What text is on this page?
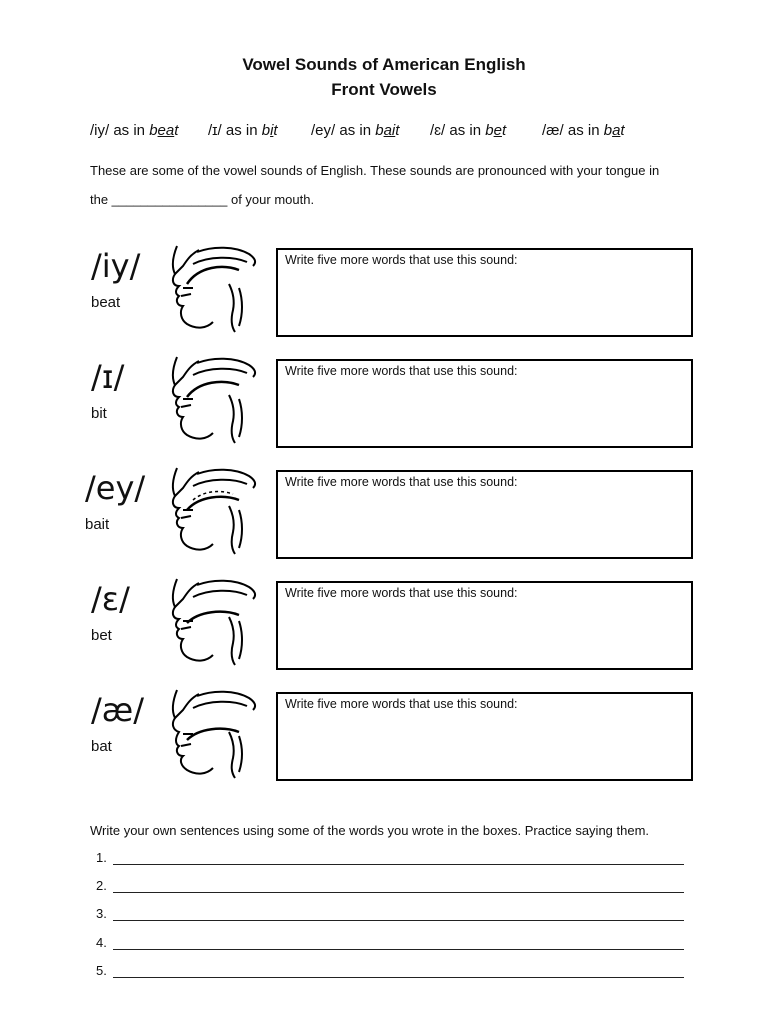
Vowel Sounds of American English
Front Vowels
/iy/ as in beat /ɪ/ as in bit /ey/ as in bait /ɛ/ as in bet /æ/ as in bat

These are some of the vowel sounds of English. These sounds are pronounced with your tongue in

the ________________ of your mouth.

/iy/
beat
Write five more words that use this sound:
/ɪ/
bit
Write five more words that use this sound:
/ey/
bait
Write five more words that use this sound:
/ɛ/
bet
Write five more words that use this sound:
/æ/
bat
Write five more words that use this sound:

Write your own sentences using some of the words you wrote in the boxes. Practice saying them.

1.
2.
3.
4.
5.
